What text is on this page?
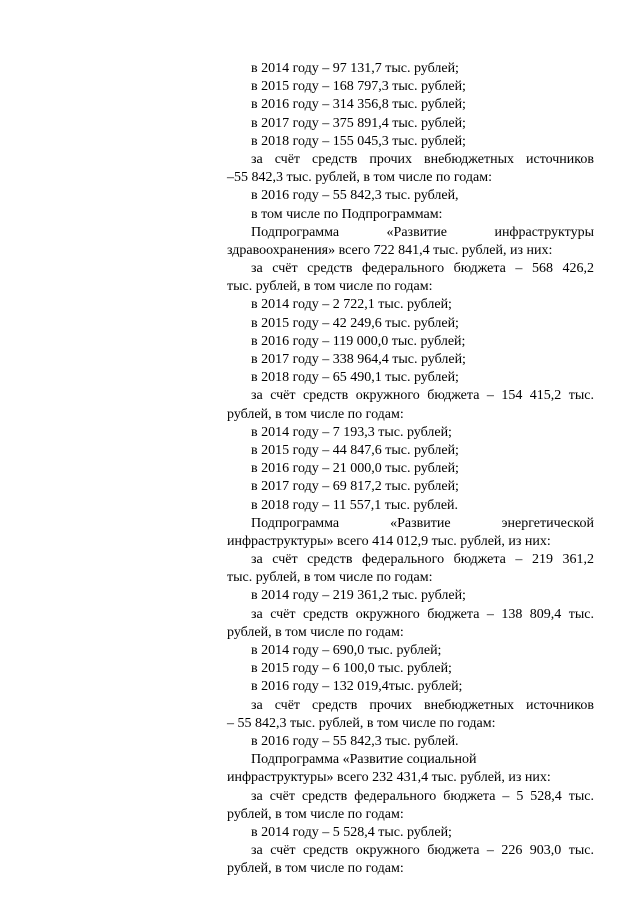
в 2014 году – 97 131,7 тыс. рублей;
в 2015 году – 168 797,3 тыс. рублей;
в 2016 году – 314 356,8 тыс. рублей;
в 2017 году – 375 891,4 тыс. рублей;
в 2018 году – 155 045,3 тыс. рублей;
за счёт средств прочих внебюджетных источников
–55 842,3 тыс. рублей, в том числе по годам:
в 2016 году – 55 842,3 тыс. рублей,
в том числе по Подпрограммам:
Подпрограмма «Развитие инфраструктуры
здравоохранения» всего 722 841,4 тыс. рублей, из них:
за счёт средств федерального бюджета – 568 426,2
тыс. рублей, в том числе по годам:
в 2014 году – 2 722,1 тыс. рублей;
в 2015 году – 42 249,6 тыс. рублей;
в 2016 году – 119 000,0 тыс. рублей;
в 2017 году – 338 964,4 тыс. рублей;
в 2018 году – 65 490,1 тыс. рублей;
за счёт средств окружного бюджета – 154 415,2 тыс.
рублей, в том числе по годам:
в 2014 году – 7 193,3 тыс. рублей;
в 2015 году – 44 847,6 тыс. рублей;
в 2016 году – 21 000,0 тыс. рублей;
в 2017 году – 69 817,2 тыс. рублей;
в 2018 году – 11 557,1 тыс. рублей.
Подпрограмма «Развитие энергетической
инфраструктуры» всего 414 012,9 тыс. рублей, из них:
за счёт средств федерального бюджета – 219 361,2
тыс. рублей, в том числе по годам:
в 2014 году – 219 361,2 тыс. рублей;
за счёт средств окружного бюджета – 138 809,4 тыс.
рублей, в том числе по годам:
в 2014 году – 690,0 тыс. рублей;
в 2015 году – 6 100,0 тыс. рублей;
в 2016 году – 132 019,4тыс. рублей;
за счёт средств прочих внебюджетных источников
– 55 842,3 тыс. рублей, в том числе по годам:
в 2016 году – 55 842,3 тыс. рублей.
Подпрограмма «Развитие социальной
инфраструктуры» всего 232 431,4 тыс. рублей, из них:
за счёт средств федерального бюджета – 5 528,4 тыс.
рублей, в том числе по годам:
в 2014 году – 5 528,4 тыс. рублей;
за счёт средств окружного бюджета – 226 903,0 тыс.
рублей, в том числе по годам:
